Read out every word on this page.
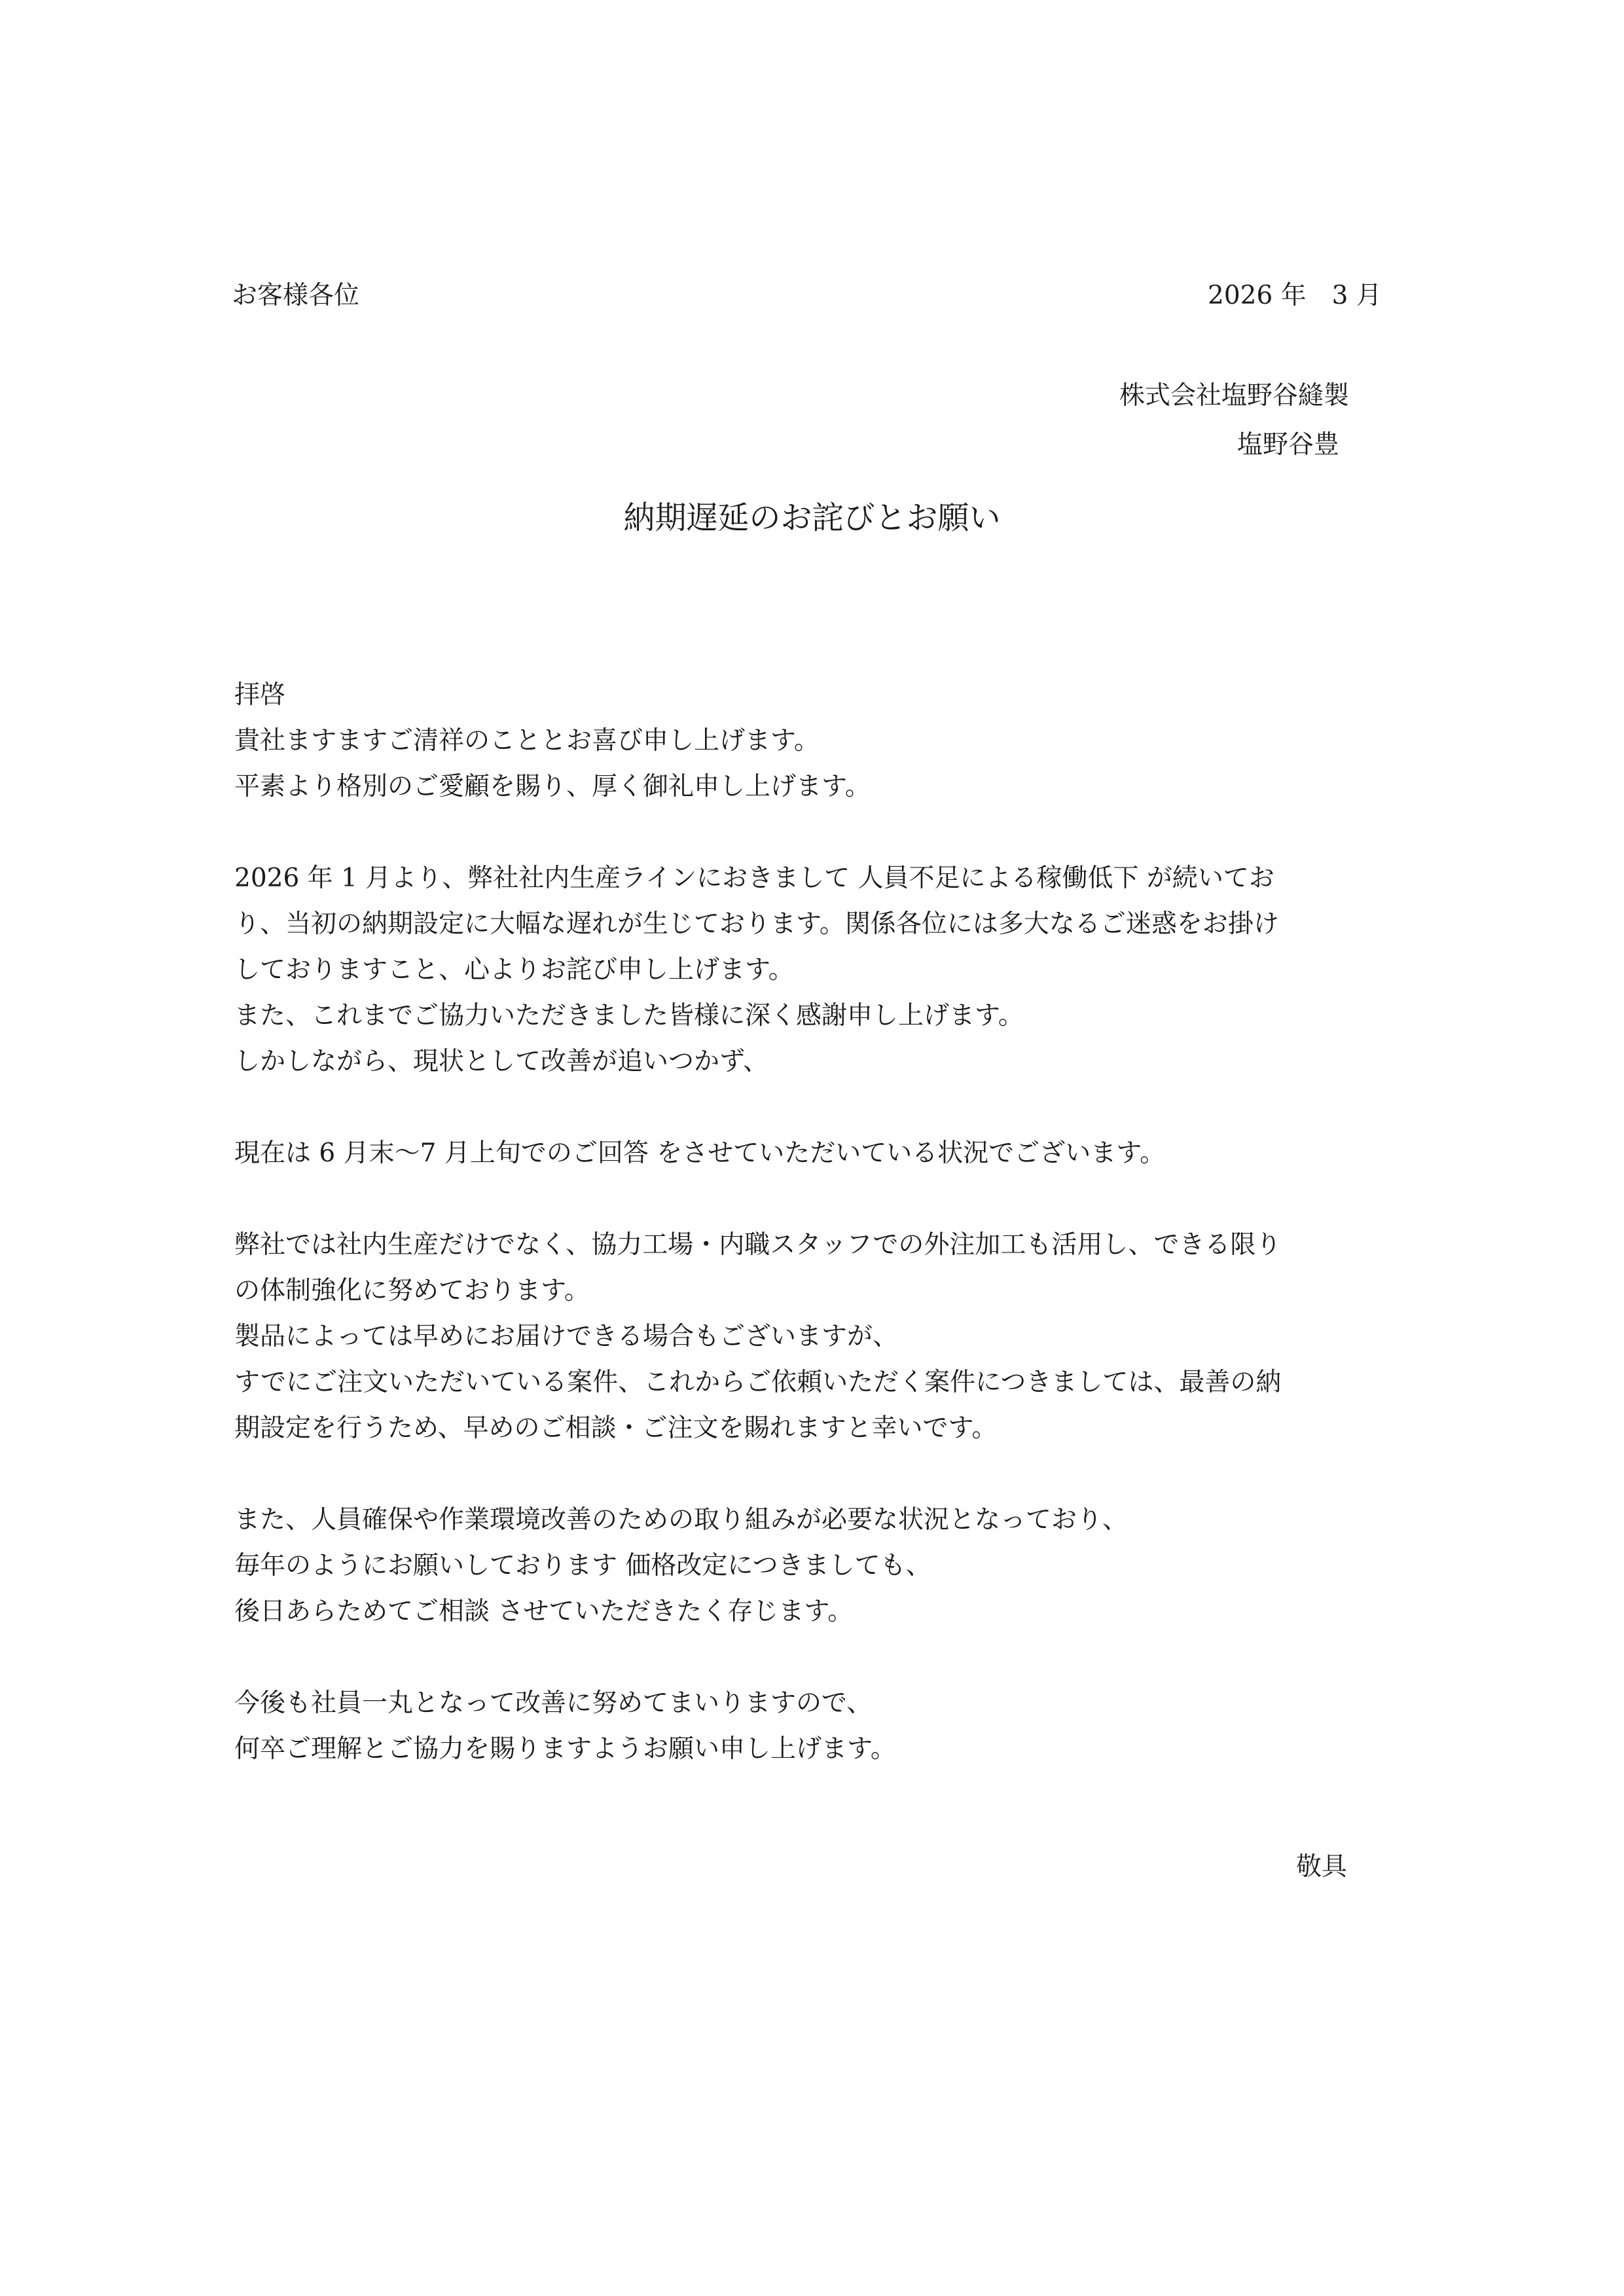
お客様各位	2026 年　3 月
株式会社塩野谷縫製
塩野谷豊
納期遅延のお詫びとお願い
拝啓
貴社ますますご清祥のこととお喜び申し上げます。
平素より格別のご愛顧を賜り、厚く御礼申し上げます。
2026 年 1 月より、弊社社内生産ラインにおきまして 人員不足による稼働低下 が続いてお
り、当初の納期設定に大幅な遅れが生じております。関係各位には多大なるご迷惑をお掛け
しておりますこと、心よりお詫び申し上げます。
また、これまでご協力いただきました皆様に深く感謝申し上げます。
しかしながら、現状として改善が追いつかず、
現在は 6 月末〜7 月上旬でのご回答 をさせていただいている状況でございます。
弊社では社内生産だけでなく、協力工場・内職スタッフでの外注加工も活用し、できる限り
の体制強化に努めております。
製品によっては早めにお届けできる場合もございますが、
すでにご注文いただいている案件、これからご依頼いただく案件につきましては、最善の納
期設定を行うため、早めのご相談・ご注文を賜れますと幸いです。
また、人員確保や作業環境改善のための取り組みが必要な状況となっており、
毎年のようにお願いしております 価格改定につきましても、
後日あらためてご相談 させていただきたく存じます。
今後も社員一丸となって改善に努めてまいりますので、
何卒ご理解とご協力を賜りますようお願い申し上げます。
敬具
